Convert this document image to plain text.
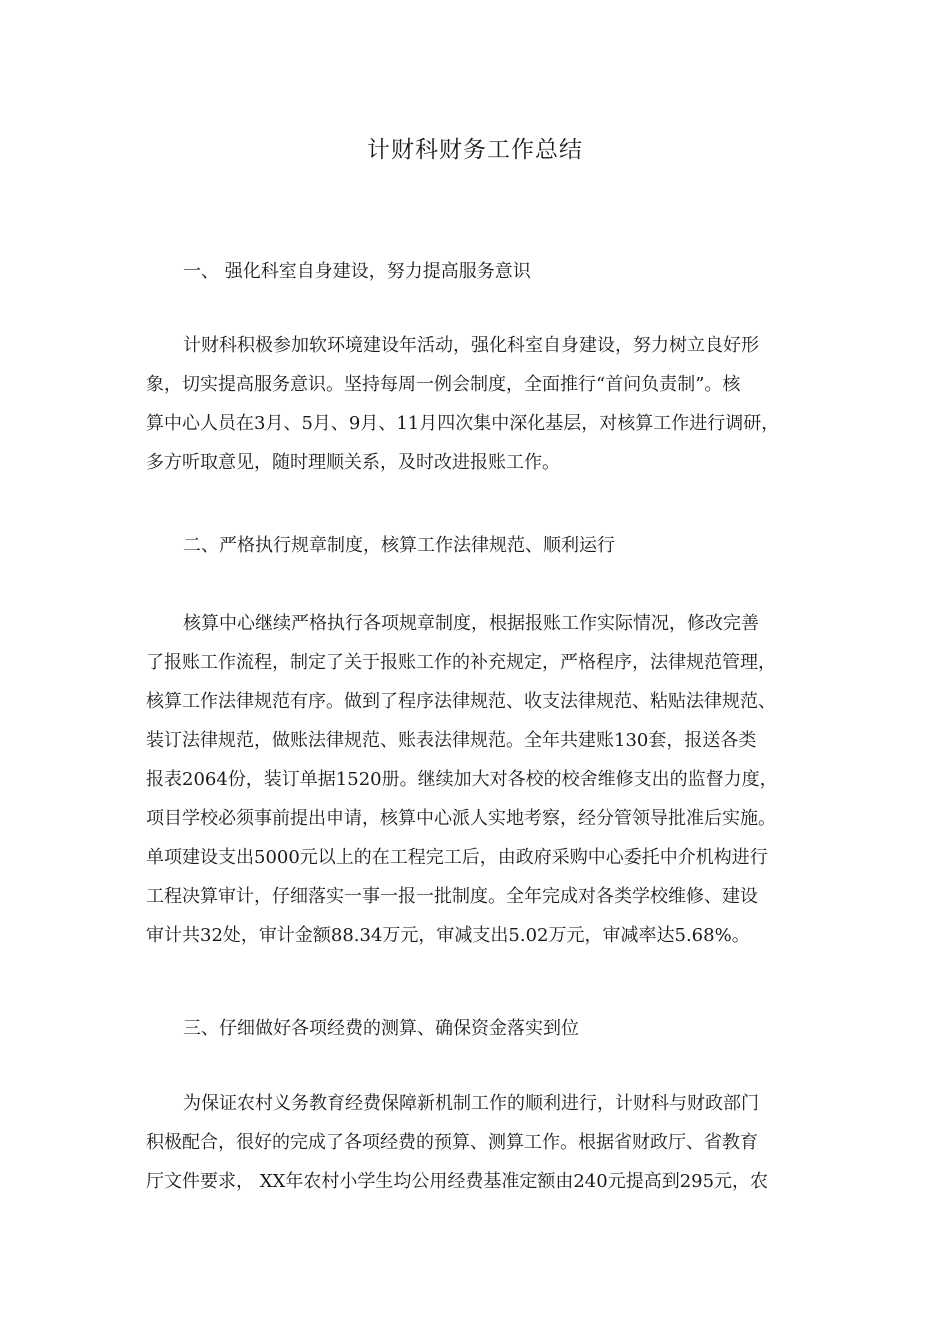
计财科财务工作总结
一、 强化科室自身建设，努力提高服务意识
计财科积极参加软环境建设年活动，强化科室自身建设，努力树立良好形
象，切实提高服务意识。坚持每周一例会制度，全面推行“首问负责制”。核
算中心人员在3月、5月、9月、11月四次集中深化基层，对核算工作进行调研，
多方听取意见，随时理顺关系，及时改进报账工作。
二、严格执行规章制度，核算工作法律规范、顺利运行
核算中心继续严格执行各项规章制度，根据报账工作实际情况，修改完善
了报账工作流程，制定了关于报账工作的补充规定，严格程序，法律规范管理，
核算工作法律规范有序。做到了程序法律规范、收支法律规范、粘贴法律规范、
装订法律规范，做账法律规范、账表法律规范。全年共建账130套，报送各类
报表2064份，装订单据1520册。继续加大对各校的校舍维修支出的监督力度，
项目学校必须事前提出申请，核算中心派人实地考察，经分管领导批准后实施。
单项建设支出5000元以上的在工程完工后，由政府采购中心委托中介机构进行
工程决算审计，仔细落实一事一报一批制度。全年完成对各类学校维修、建设
审计共32处，审计金额88.34万元，审减支出5.02万元，审减率达5.68%。
三、仔细做好各项经费的测算、确保资金落实到位
为保证农村义务教育经费保障新机制工作的顺利进行，计财科与财政部门
积极配合，很好的完成了各项经费的预算、测算工作。根据省财政厅、省教育
厅文件要求， XX年农村小学生均公用经费基准定额由240元提高到295元，农
